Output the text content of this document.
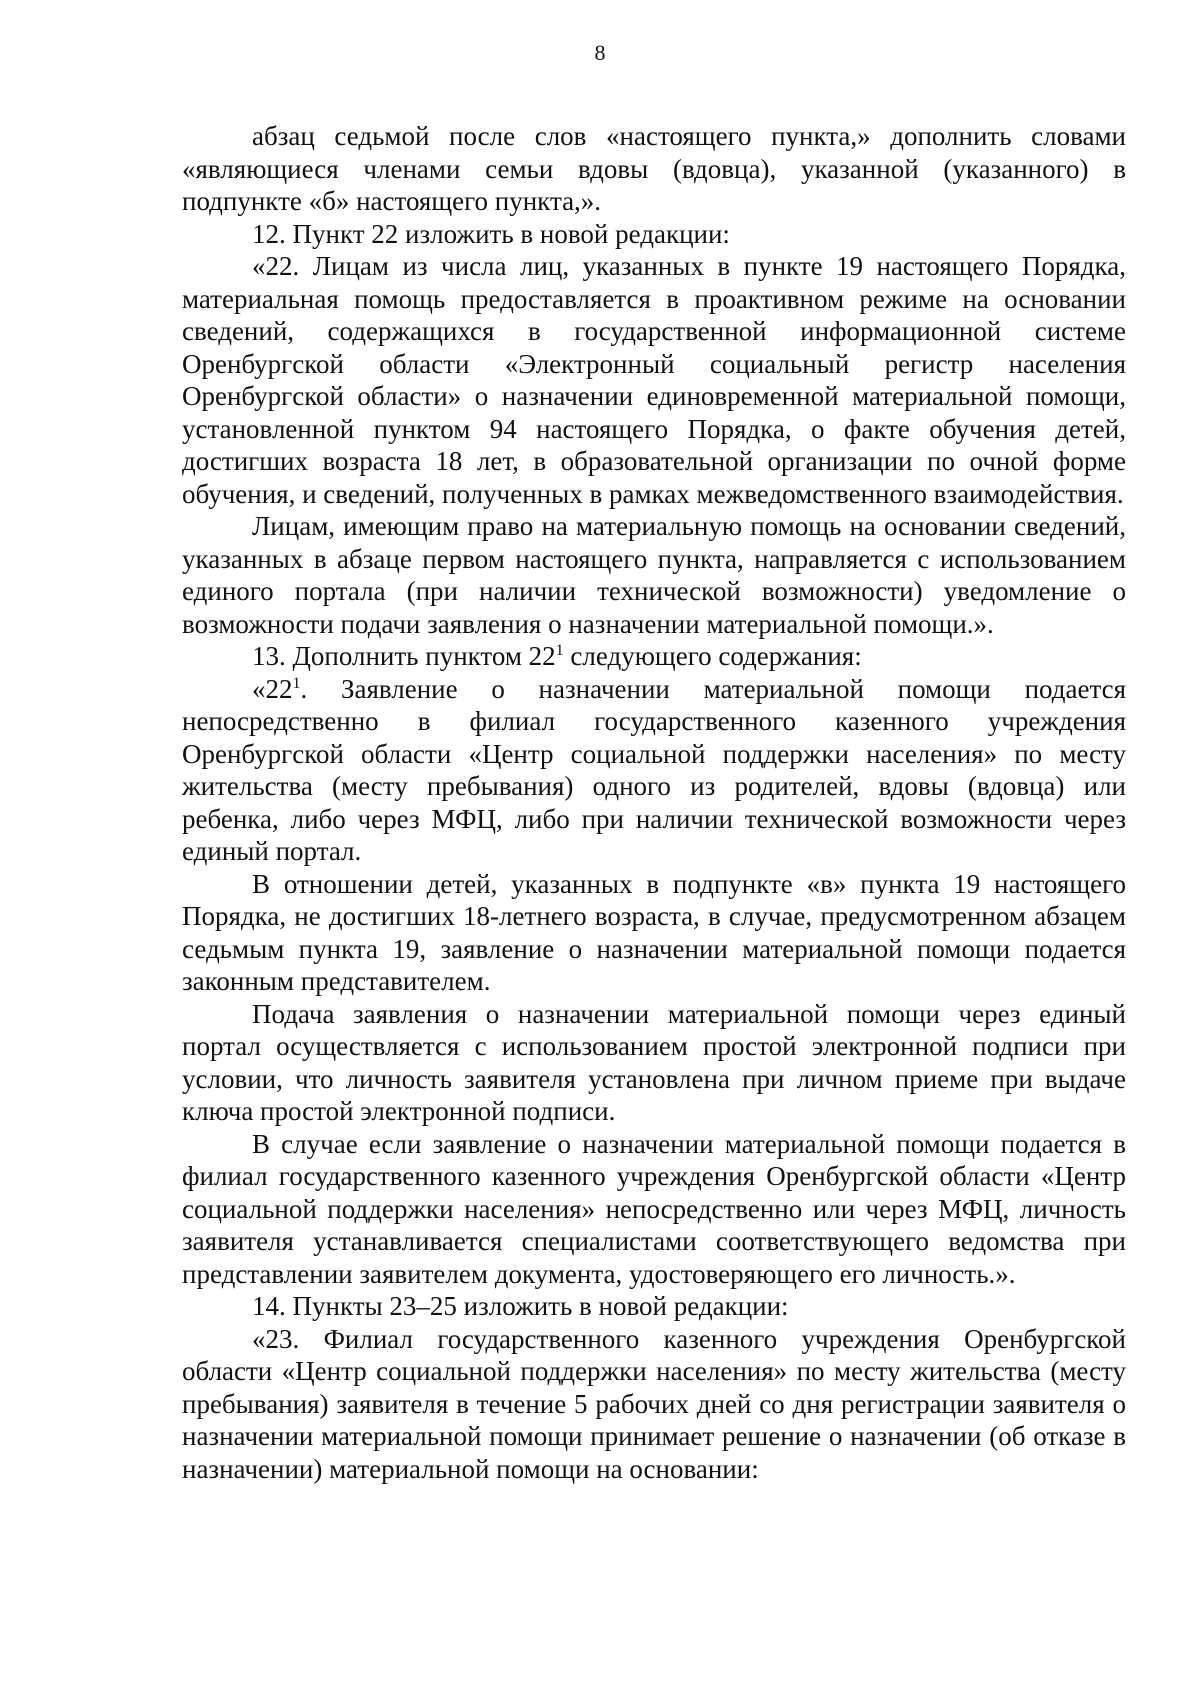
8

абзац седьмой после слов «настоящего пункта,» дополнить словами «являющиеся членами семьи вдовы (вдовца), указанной (указанного) в подпункте «б» настоящего пункта,».

12. Пункт 22 изложить в новой редакции:

«22. Лицам из числа лиц, указанных в пункте 19 настоящего Порядка, материальная помощь предоставляется в проактивном режиме на основании сведений, содержащихся в государственной информационной системе Оренбургской области «Электронный социальный регистр населения Оренбургской области» о назначении единовременной материальной помощи, установленной пунктом 94 настоящего Порядка, о факте обучения детей, достигших возраста 18 лет, в образовательной организации по очной форме обучения, и сведений, полученных в рамках межведомственного взаимодействия.

Лицам, имеющим право на материальную помощь на основании сведений, указанных в абзаце первом настоящего пункта, направляется с использованием единого портала (при наличии технической возможности) уведомление о возможности подачи заявления о назначении материальной помощи.».

13. Дополнить пунктом $22^1$ следующего содержания:

«$22^1$. Заявление о назначении материальной помощи подается непосредственно в филиал государственного казенного учреждения Оренбургской области «Центр социальной поддержки населения» по месту жительства (месту пребывания) одного из родителей, вдовы (вдовца) или ребенка, либо через МФЦ, либо при наличии технической возможности через единый портал.

В отношении детей, указанных в подпункте «в» пункта 19 настоящего Порядка, не достигших 18-летнего возраста, в случае, предусмотренном абзацем седьмым пункта 19, заявление о назначении материальной помощи подается законным представителем.

Подача заявления о назначении материальной помощи через единый портал осуществляется с использованием простой электронной подписи при условии, что личность заявителя установлена при личном приеме при выдаче ключа простой электронной подписи.

В случае если заявление о назначении материальной помощи подается в филиал государственного казенного учреждения Оренбургской области «Центр социальной поддержки населения» непосредственно или через МФЦ, личность заявителя устанавливается специалистами соответствующего ведомства при представлении заявителем документа, удостоверяющего его личность.».

14. Пункты 23–25 изложить в новой редакции:

«23. Филиал государственного казенного учреждения Оренбургской области «Центр социальной поддержки населения» по месту жительства (месту пребывания) заявителя в течение 5 рабочих дней со дня регистрации заявителя о назначении материальной помощи принимает решение о назначении (об отказе в назначении) материальной помощи на основании:
